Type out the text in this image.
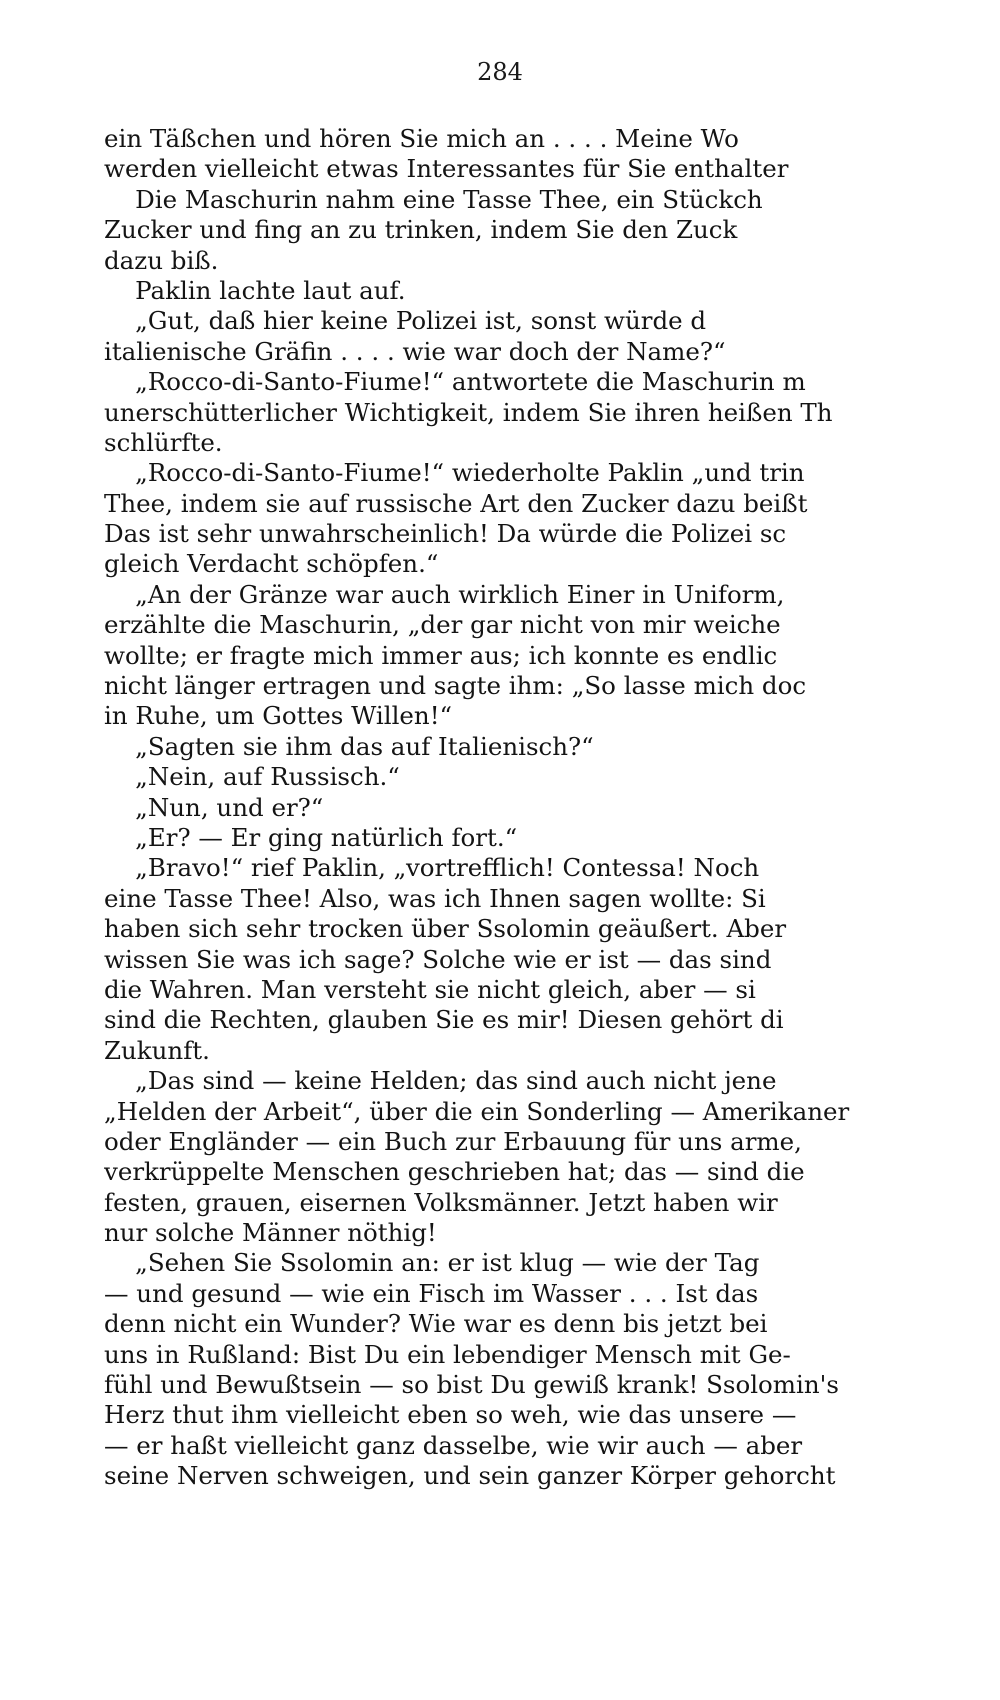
284

ein Täßchen und hören Sie mich an . . . . Meine Wo
werden vielleicht etwas Interessantes für Sie enthalter
Die Maschurin nahm eine Tasse Thee, ein Stückch
Zucker und fing an zu trinken, indem Sie den Zuck
dazu biß.
Paklin lachte laut auf.
„Gut, daß hier keine Polizei ist, sonst würde d
italienische Gräfin . . . . wie war doch der Name?“
„Rocco-di-Santo-Fiume!“ antwortete die Maschurin m
unerschütterlicher Wichtigkeit, indem Sie ihren heißen Th
schlürfte.
„Rocco-di-Santo-Fiume!“ wiederholte Paklin „und trin
Thee, indem sie auf russische Art den Zucker dazu beißt
Das ist sehr unwahrscheinlich! Da würde die Polizei sc
gleich Verdacht schöpfen.“
„An der Gränze war auch wirklich Einer in Uniform,
erzählte die Maschurin, „der gar nicht von mir weiche
wollte; er fragte mich immer aus; ich konnte es endlic
nicht länger ertragen und sagte ihm: „So lasse mich doc
in Ruhe, um Gottes Willen!“
„Sagten sie ihm das auf Italienisch?“
„Nein, auf Russisch.“
„Nun, und er?“
„Er? — Er ging natürlich fort.“
„Bravo!“ rief Paklin, „vortrefflich! Contessa! Noch
eine Tasse Thee! Also, was ich Ihnen sagen wollte: Si
haben sich sehr trocken über Ssolomin geäußert. Aber
wissen Sie was ich sage? Solche wie er ist — das sind
die Wahren. Man versteht sie nicht gleich, aber — si
sind die Rechten, glauben Sie es mir! Diesen gehört di
Zukunft.
„Das sind — keine Helden; das sind auch nicht jene
„Helden der Arbeit“, über die ein Sonderling — Amerikaner
oder Engländer — ein Buch zur Erbauung für uns arme,
verkrüppelte Menschen geschrieben hat; das — sind die
festen, grauen, eisernen Volksmänner. Jetzt haben wir
nur solche Männer nöthig!
„Sehen Sie Ssolomin an: er ist klug — wie der Tag
— und gesund — wie ein Fisch im Wasser . . . Ist das
denn nicht ein Wunder? Wie war es denn bis jetzt bei
uns in Rußland: Bist Du ein lebendiger Mensch mit Ge-
fühl und Bewußtsein — so bist Du gewiß krank! Ssolomin's
Herz thut ihm vielleicht eben so weh, wie das unsere —
— er haßt vielleicht ganz dasselbe, wie wir auch — aber
seine Nerven schweigen, und sein ganzer Körper gehorcht
